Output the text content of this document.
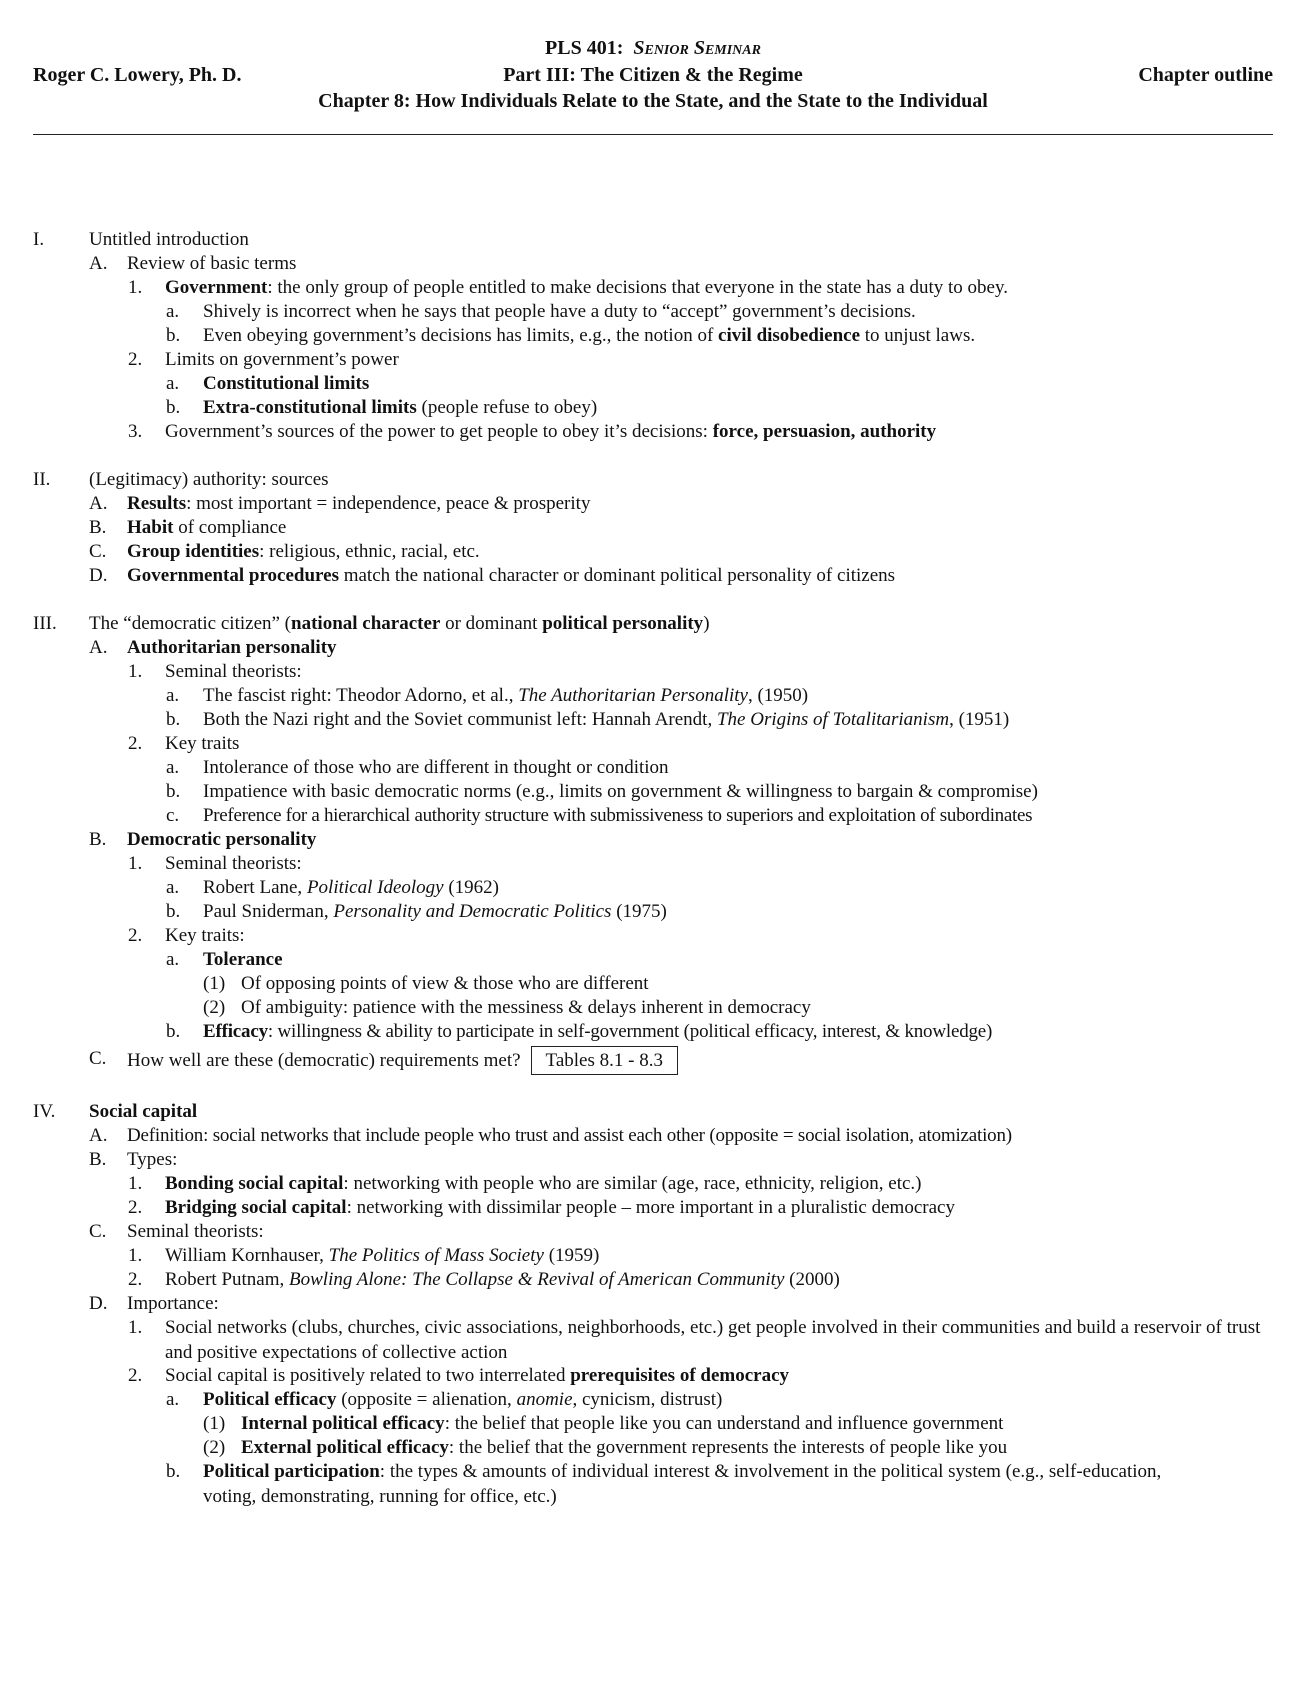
PLS 401: Senior Seminar
Part III: The Citizen & the Regime
Chapter 8: How Individuals Relate to the State, and the State to the Individual
Roger C. Lowery, Ph. D.	Chapter outline
I. Untitled introduction
A. Review of basic terms
1. Government: the only group of people entitled to make decisions that everyone in the state has a duty to obey.
a. Shively is incorrect when he says that people have a duty to “accept” government’s decisions.
b. Even obeying government’s decisions has limits, e.g., the notion of civil disobedience to unjust laws.
2. Limits on government’s power
a. Constitutional limits
b. Extra-constitutional limits (people refuse to obey)
3. Government’s sources of the power to get people to obey it’s decisions: force, persuasion, authority
II. (Legitimacy) authority: sources
A. Results: most important = independence, peace & prosperity
B. Habit of compliance
C. Group identities: religious, ethnic, racial, etc.
D. Governmental procedures match the national character or dominant political personality of citizens
III. The “democratic citizen” (national character or dominant political personality)
A. Authoritarian personality
1. Seminal theorists:
a. The fascist right: Theodor Adorno, et al., The Authoritarian Personality, (1950)
b. Both the Nazi right and the Soviet communist left: Hannah Arendt, The Origins of Totalitarianism, (1951)
2. Key traits
a. Intolerance of those who are different in thought or condition
b. Impatience with basic democratic norms (e.g., limits on government & willingness to bargain & compromise)
c. Preference for a hierarchical authority structure with submissiveness to superiors and exploitation of subordinates
B. Democratic personality
1. Seminal theorists:
a. Robert Lane, Political Ideology (1962)
b. Paul Sniderman, Personality and Democratic Politics (1975)
2. Key traits:
a. Tolerance
(1) Of opposing points of view & those who are different
(2) Of ambiguity: patience with the messiness & delays inherent in democracy
b. Efficacy: willingness & ability to participate in self-government (political efficacy, interest, & knowledge)
C. How well are these (democratic) requirements met? Tables 8.1 - 8.3
IV. Social capital
A. Definition: social networks that include people who trust and assist each other (opposite = social isolation, atomization)
B. Types:
1. Bonding social capital: networking with people who are similar (age, race, ethnicity, religion, etc.)
2. Bridging social capital: networking with dissimilar people – more important in a pluralistic democracy
C. Seminal theorists:
1. William Kornhauser, The Politics of Mass Society (1959)
2. Robert Putnam, Bowling Alone: The Collapse & Revival of American Community (2000)
D. Importance:
1. Social networks (clubs, churches, civic associations, neighborhoods, etc.) get people involved in their communities and build a reservoir of trust and positive expectations of collective action
2. Social capital is positively related to two interrelated prerequisites of democracy
a. Political efficacy (opposite = alienation, anomie, cynicism, distrust)
(1) Internal political efficacy: the belief that people like you can understand and influence government
(2) External political efficacy: the belief that the government represents the interests of people like you
b. Political participation: the types & amounts of individual interest & involvement in the political system (e.g., self-education, voting, demonstrating, running for office, etc.)
